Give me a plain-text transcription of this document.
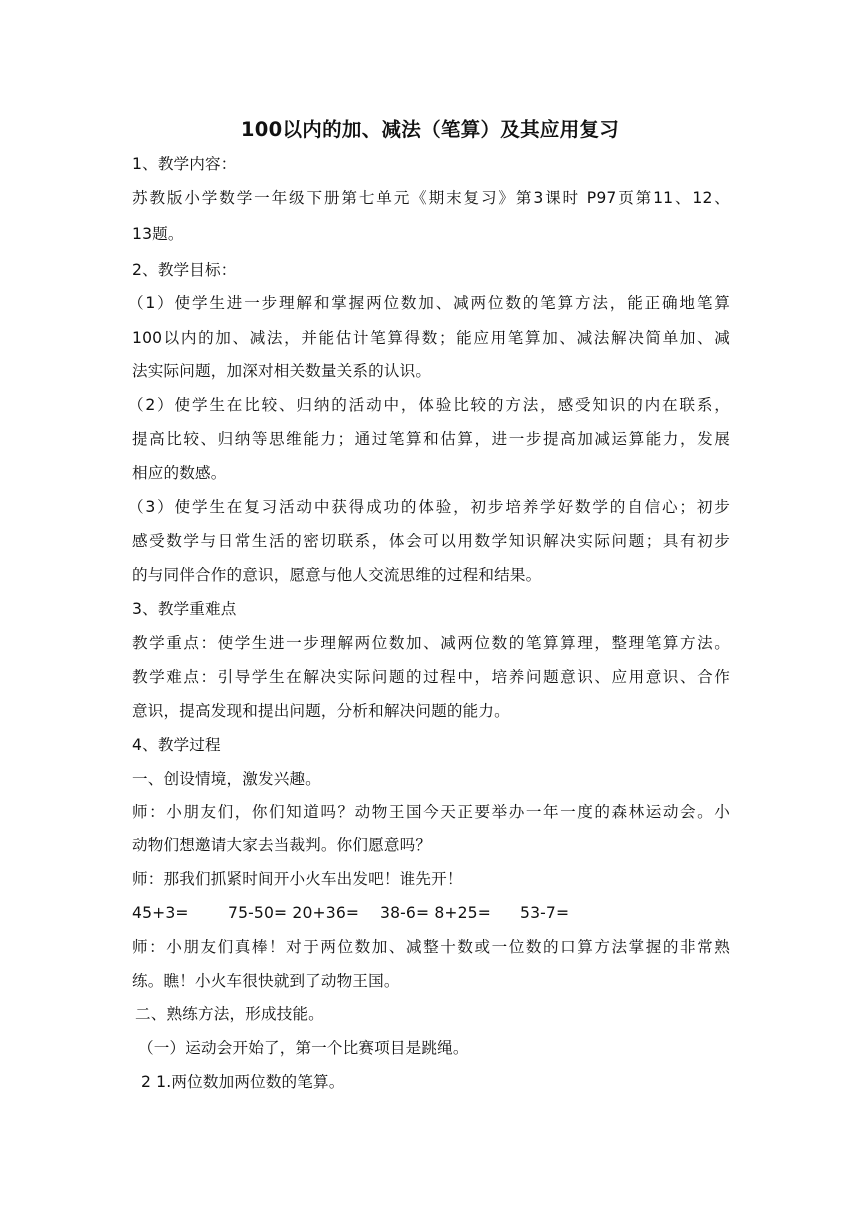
100以内的加、减法（笔算）及其应用复习
1、教学内容：
苏教版小学数学一年级下册第七单元《期末复习》第3课时 P97页第11、12、
13题。
2、教学目标：
（1）使学生进一步理解和掌握两位数加、减两位数的笔算方法，能正确地笔算
100以内的加、减法，并能估计笔算得数；能应用笔算加、减法解决简单加、减
法实际问题，加深对相关数量关系的认识。
（2）使学生在比较、归纳的活动中，体验比较的方法，感受知识的内在联系，
提高比较、归纳等思维能力；通过笔算和估算，进一步提高加减运算能力，发展
相应的数感。
（3）使学生在复习活动中获得成功的体验，初步培养学好数学的自信心；初步
感受数学与日常生活的密切联系，体会可以用数学知识解决实际问题；具有初步
的与同伴合作的意识，愿意与他人交流思维的过程和结果。
3、教学重难点
教学重点：使学生进一步理解两位数加、减两位数的笔算算理，整理笔算方法。
教学难点：引导学生在解决实际问题的过程中，培养问题意识、应用意识、合作
意识，提高发现和提出问题，分析和解决问题的能力。
4、教学过程
一、创设情境，激发兴趣。
师：小朋友们，你们知道吗？动物王国今天正要举办一年一度的森林运动会。小
动物们想邀请大家去当裁判。你们愿意吗？
师：那我们抓紧时间开小火车出发吧！谁先开！
45+3=	75-50= 20+36= 38-6= 8+25= 53-7=
师：小朋友们真棒！对于两位数加、减整十数或一位数的口算方法掌握的非常熟
练。瞧！小火车很快就到了动物王国。
二、熟练方法，形成技能。
（一）运动会开始了，第一个比赛项目是跳绳。
2 1.两位数加两位数的笔算。
